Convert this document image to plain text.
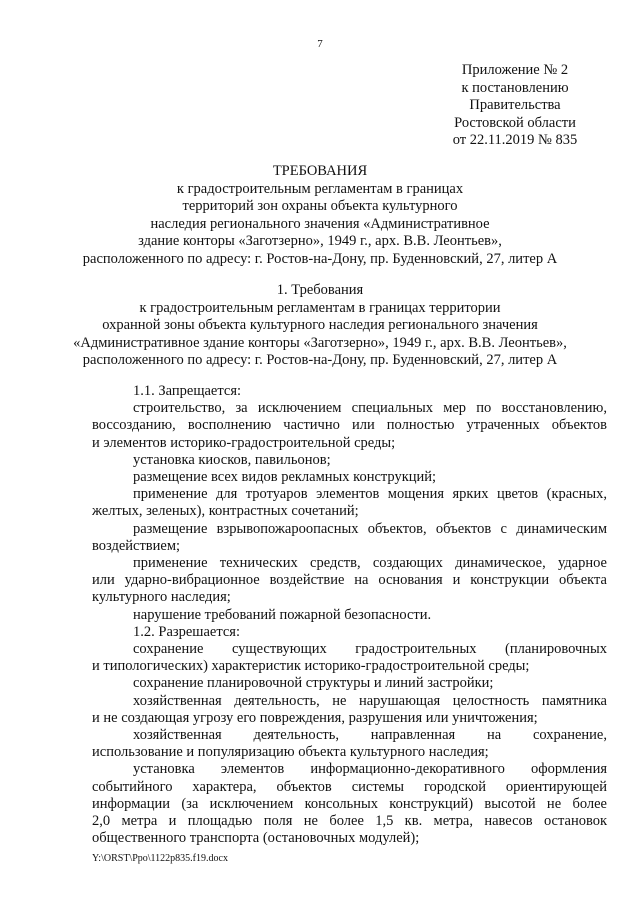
7
Приложение № 2
к постановлению
Правительства
Ростовской области
от 22.11.2019 № 835
ТРЕБОВАНИЯ
к градостроительным регламентам в границах
территорий зон охраны объекта культурного
наследия регионального значения «Административное
здание конторы «Заготзерно», 1949 г., арх. В.В. Леонтьев»,
расположенного по адресу: г. Ростов-на-Дону, пр. Буденновский, 27, литер А
1. Требования
к градостроительным регламентам в границах территории
охранной зоны объекта культурного наследия регионального значения
«Административное здание конторы «Заготзерно», 1949 г., арх. В.В. Леонтьев»,
расположенного по адресу: г. Ростов-на-Дону, пр. Буденновский, 27, литер А
1.1. Запрещается:
строительство, за исключением специальных мер по восстановлению,
воссозданию, восполнению частично или полностью утраченных объектов
и элементов историко-градостроительной среды;
установка киосков, павильонов;
размещение всех видов рекламных конструкций;
применение для тротуаров элементов мощения ярких цветов (красных,
желтых, зеленых), контрастных сочетаний;
размещение взрывопожароопасных объектов, объектов с динамическим
воздействием;
применение технических средств, создающих динамическое, ударное
или ударно-вибрационное воздействие на основания и конструкции объекта
культурного наследия;
нарушение требований пожарной безопасности.
1.2. Разрешается:
сохранение существующих градостроительных (планировочных
и типологических) характеристик историко-градостроительной среды;
сохранение планировочной структуры и линий застройки;
хозяйственная деятельность, не нарушающая целостность памятника
и не создающая угрозу его повреждения, разрушения или уничтожения;
хозяйственная деятельность, направленная на сохранение,
использование и популяризацию объекта культурного наследия;
установка элементов информационно-декоративного оформления
событийного характера, объектов системы городской ориентирующей
информации (за исключением консольных конструкций) высотой не более
2,0 метра и площадью поля не более 1,5 кв. метра, навесов остановок
общественного транспорта (остановочных модулей);
Y:\ORST\Ppo\1122p835.f19.docx
